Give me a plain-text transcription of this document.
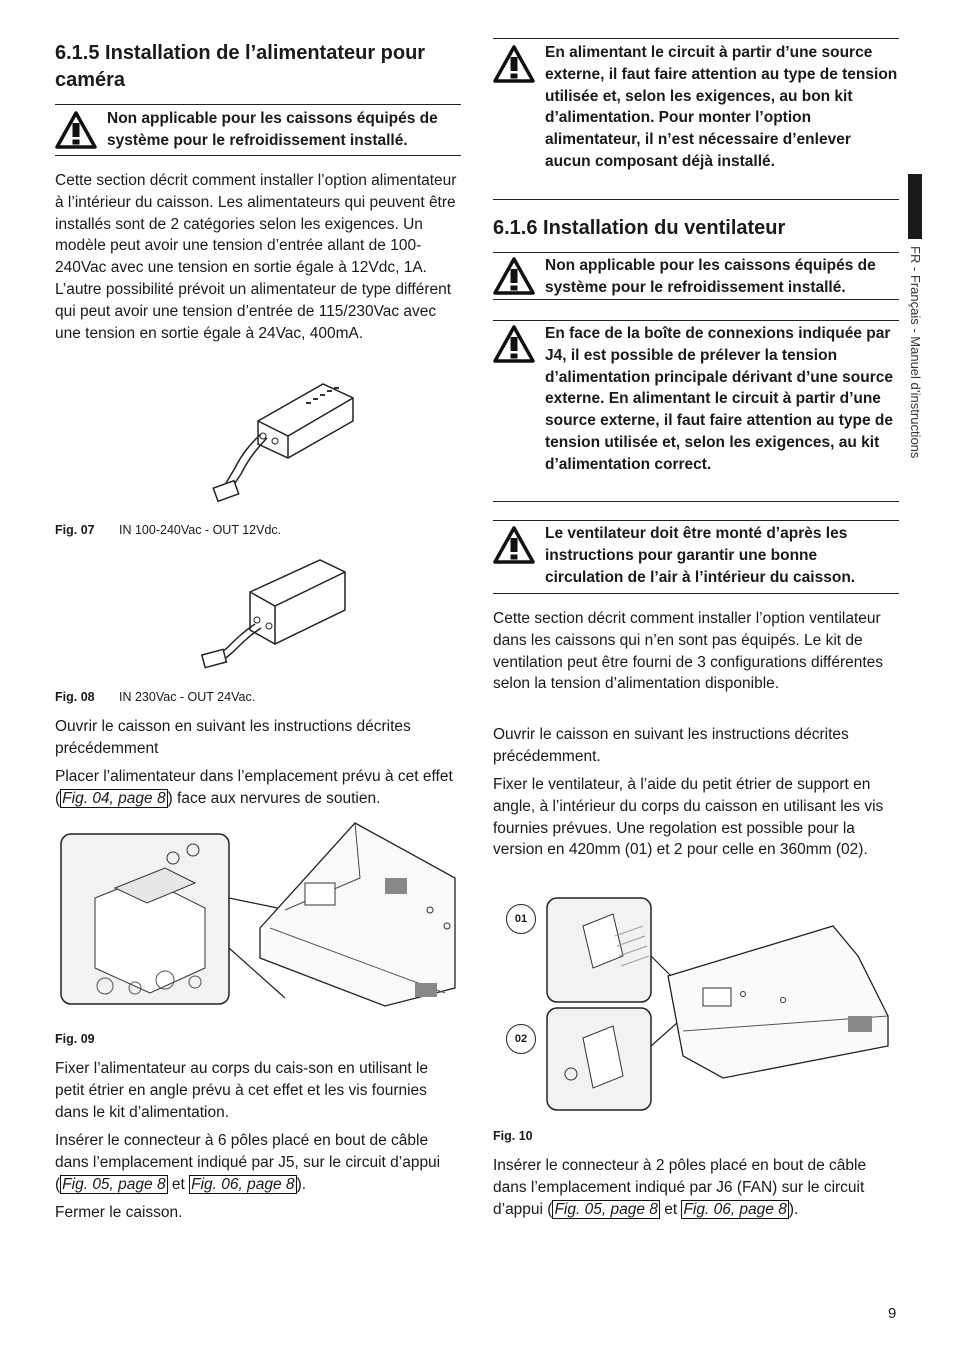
6.1.5 Installation de l’alimentateur pour caméra
Non applicable pour les caissons équipés de système pour le refroidissement installé.

Cette section décrit comment installer l’option alimentateur à l’intérieur du caisson. Les alimentateurs qui peuvent être installés sont de 2 catégories selon les exigences. Un modèle peut avoir une tension d’entrée allant de 100-240Vac avec une tension en sortie égale à 12Vdc, 1A. L’autre possibilité prévoit un alimentateur de type différent qui peut avoir une tension d’entrée de 115/230Vac avec une tension en sortie égale à 24Vac, 400mA.

Fig. 07 IN 100-240Vac - OUT 12Vdc.
Fig. 08 IN 230Vac - OUT 24Vac.

Ouvrir le caisson en suivant les instructions décrites précédemment

Placer l’alimentateur dans l’emplacement prévu à cet effet ( Fig. 04, page 8 ) face aux nervures de soutien.

Fig. 09

Fixer l’alimentateur au corps du cais-son en utilisant le petit étrier en angle prévu à cet effet et les vis fournies dans le kit d’alimentation.

Insérer le connecteur à 6 pôles placé en bout de câble dans l’emplacement indiqué par J5, sur le circuit d’appui ( Fig. 05, page 8 et Fig. 06, page 8 ).

Fermer le caisson.

En alimentant le circuit à partir d’une source externe, il faut faire attention au type de tension utilisée et, selon les exigences, au bon kit d’alimentation. Pour monter l’option alimentateur, il n’est nécessaire d’enlever aucun composant déjà installé.
6.1.6 Installation du ventilateur
Non applicable pour les caissons équipés de système pour le refroidissement installé.
En face de la boîte de connexions indiquée par J4, il est possible de prélever la tension d’alimentation principale dérivant d’une source externe. En alimentant le circuit à partir d’une source externe, il faut faire attention au type de tension utilisée et, selon les exigences, au kit d’alimentation correct.
Le ventilateur doit être monté d’après les instructions pour garantir une bonne circulation de l’air à l’intérieur du caisson.

Cette section décrit comment installer l’option ventilateur dans les caissons qui n’en sont pas équipés. Le kit de ventilation peut être fourni de 3 configurations différentes selon la tension d’alimentation disponible.

Ouvrir le caisson en suivant les instructions décrites précédemment.

Fixer le ventilateur, à l’aide du petit étrier de support en angle, à l’intérieur du corps du caisson en utilisant les vis fournies prévues. Une regolation est possible pour la version en 420mm (01) et 2 pour celle en 360mm (02).

01
02
Fig. 10

Insérer le connecteur à 2 pôles placé en bout de câble dans l’emplacement indiqué par J6 (FAN) sur le circuit d’appui ( Fig. 05, page 8 et Fig. 06, page 8 ).

FR - Français - Manuel d’instructions
9
